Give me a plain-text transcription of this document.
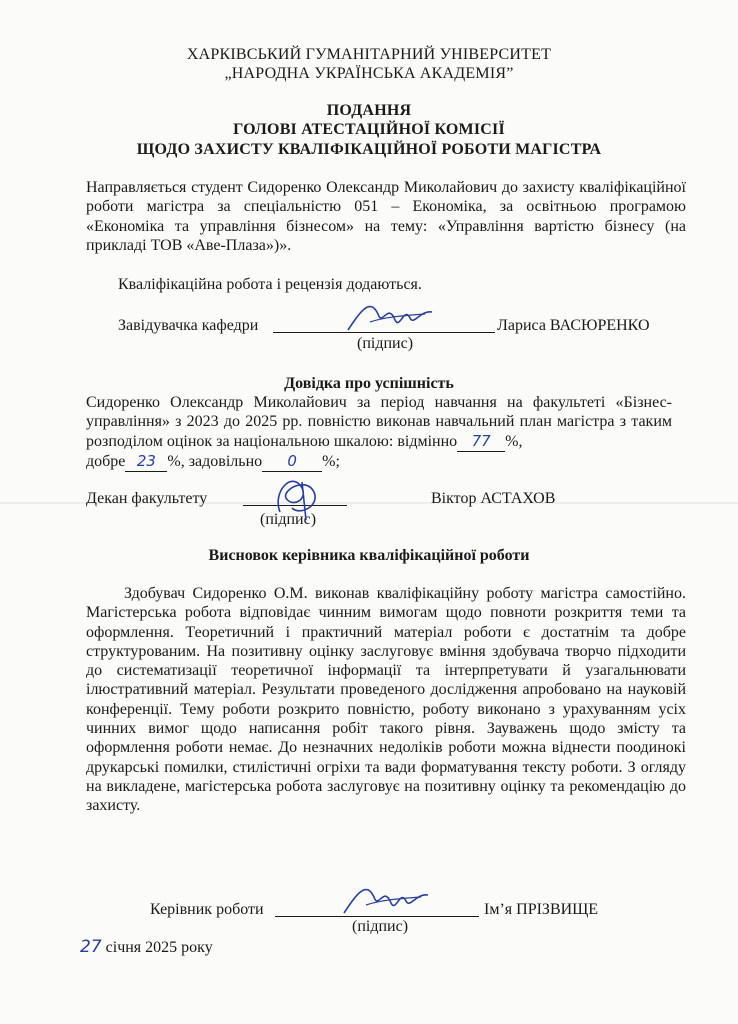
ХАРКІВСЬКИЙ ГУМАНІТАРНИЙ УНІВЕРСИТЕТ
„НАРОДНА УКРАЇНСЬКА АКАДЕМІЯ”
ПОДАННЯ
ГОЛОВІ АТЕСТАЦІЙНОЇ КОМІСІЇ
ЩОДО ЗАХИСТУ КВАЛІФІКАЦІЙНОЇ РОБОТИ МАГІСТРА
Направляється студент Сидоренко Олександр Миколайович до захисту кваліфікаційної роботи магістра за спеціальністю 051 – Економіка, за освітньою програмою «Економіка та управління бізнесом» на тему: «Управління вартістю бізнесу (на прикладі ТОВ «Аве-Плаза»)».
Кваліфікаційна робота і рецензія додаються.
Завідувачка кафедри	Лариса ВАСЮРЕНКО
(підпис)
Довідка про успішність
Сидоренко Олександр Миколайович за період навчання на факультеті «Бізнес-управління» з 2023 до 2025 рр. повністю виконав навчальний план магістра з таким розподілом оцінок за національною шкалою: відмінно 77 %,
добре 23 %, задовільно 0 %;
Декан факультету	Віктор АСТАХОВ
(підпис)
Висновок керівника кваліфікаційної роботи
Здобувач Сидоренко О.М. виконав кваліфікаційну роботу магістра самостійно. Магістерська робота відповідає чинним вимогам щодо повноти розкриття теми та оформлення. Теоретичний і практичний матеріал роботи є достатнім та добре структурованим. На позитивну оцінку заслуговує вміння здобувача творчо підходити до систематизації теоретичної інформації та інтерпретувати й узагальнювати ілюстративний матеріал. Результати проведеного дослідження апробовано на науковій конференції. Тему роботи розкрито повністю, роботу виконано з урахуванням усіх чинних вимог щодо написання робіт такого рівня. Зауважень щодо змісту та оформлення роботи немає. До незначних недоліків роботи можна віднести поодинокі друкарські помилки, стилістичні огріхи та вади форматування тексту роботи. З огляду на викладене, магістерська робота заслуговує на позитивну оцінку та рекомендацію до захисту.
Керівник роботи	Ім’я ПРІЗВИЩЕ
(підпис)
27 січня 2025 року
